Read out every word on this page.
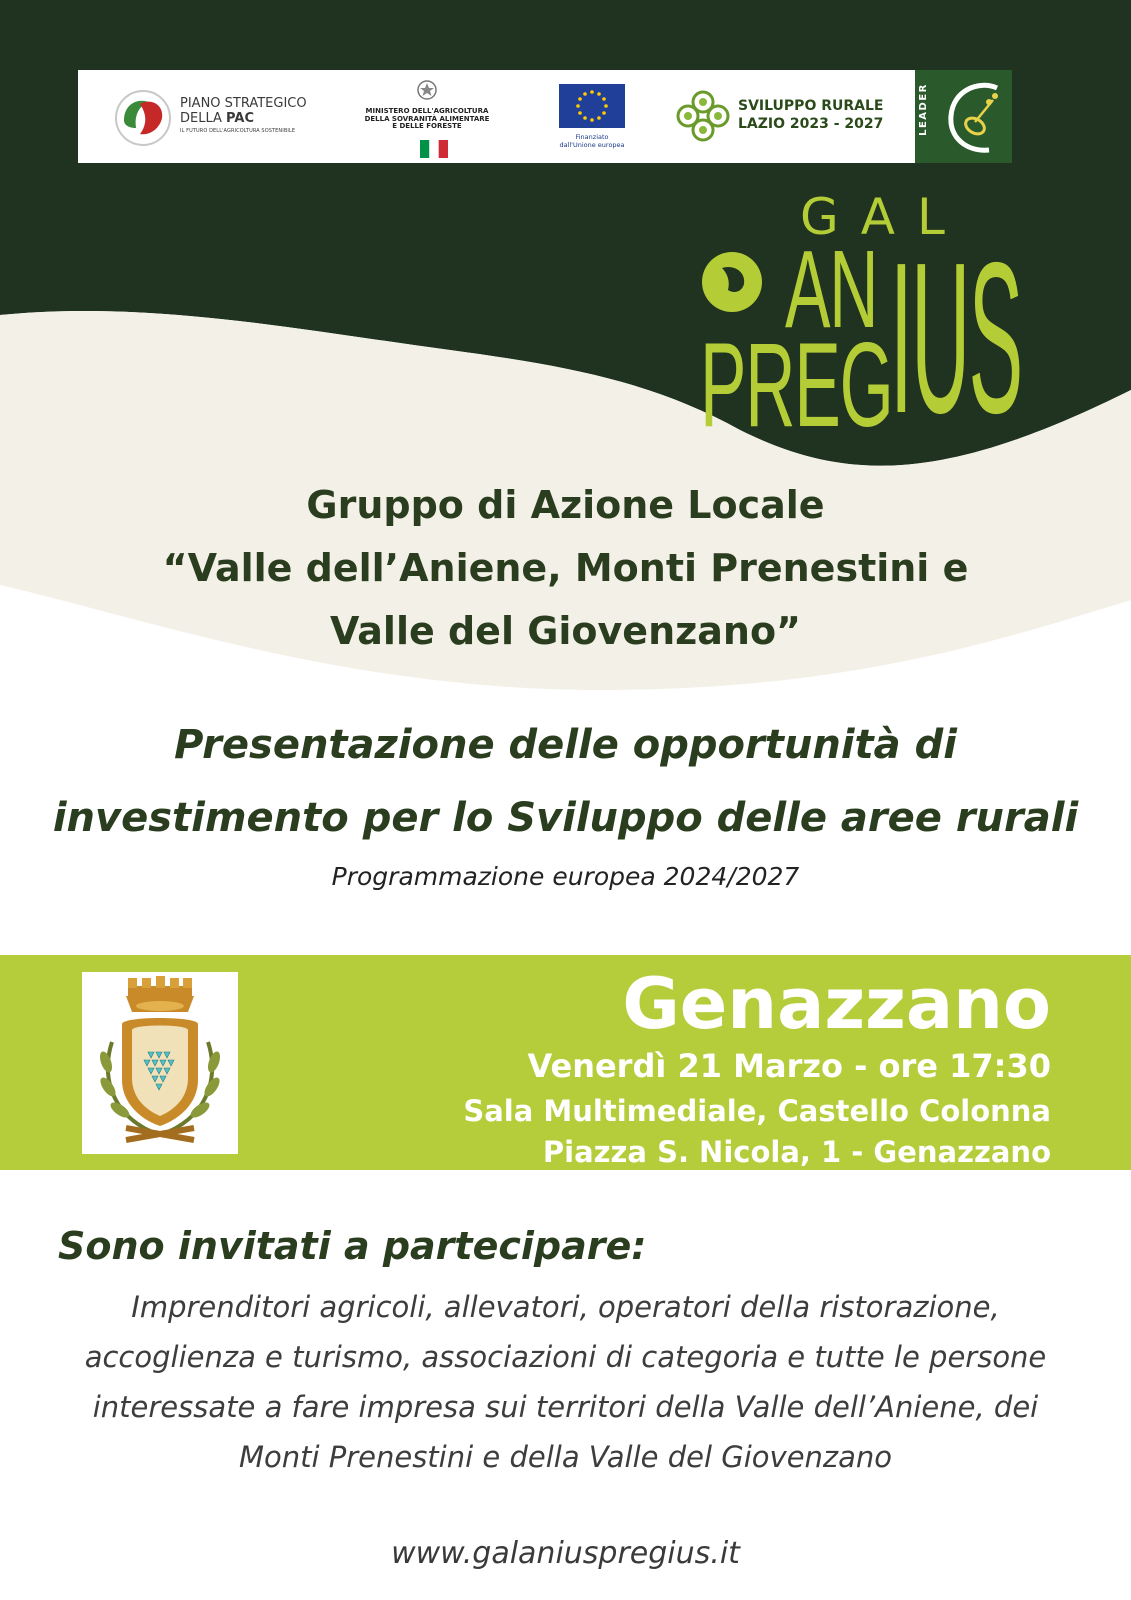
PIANO STRATEGICO
DELLA PAC
IL FUTURO DELL'AGRICOLTURA SOSTENIBILE
MINISTERO DELL'AGRICOLTURA
DELLA SOVRANITÀ ALIMENTARE
E DELLE FORESTE
Finanziato
dall'Unione europea
SVILUPPO RURALE
LAZIO 2023 - 2027	LEADER
GAL
AN
PREG
IUS
Gruppo di Azione Locale
“Valle dell’Aniene, Monti Prenestini e
Valle del Giovenzano”
Presentazione delle opportunità di
investimento per lo Sviluppo delle aree rurali
Programmazione europea 2024/2027
Genazzano
Venerdì 21 Marzo - ore 17:30
Sala Multimediale, Castello Colonna
Piazza S. Nicola, 1 - Genazzano
Sono invitati a partecipare:
Imprenditori agricoli, allevatori, operatori della ristorazione,
accoglienza e turismo, associazioni di categoria e tutte le persone
interessate a fare impresa sui territori della Valle dell’Aniene, dei
Monti Prenestini e della Valle del Giovenzano
www.galaniuspregius.it
